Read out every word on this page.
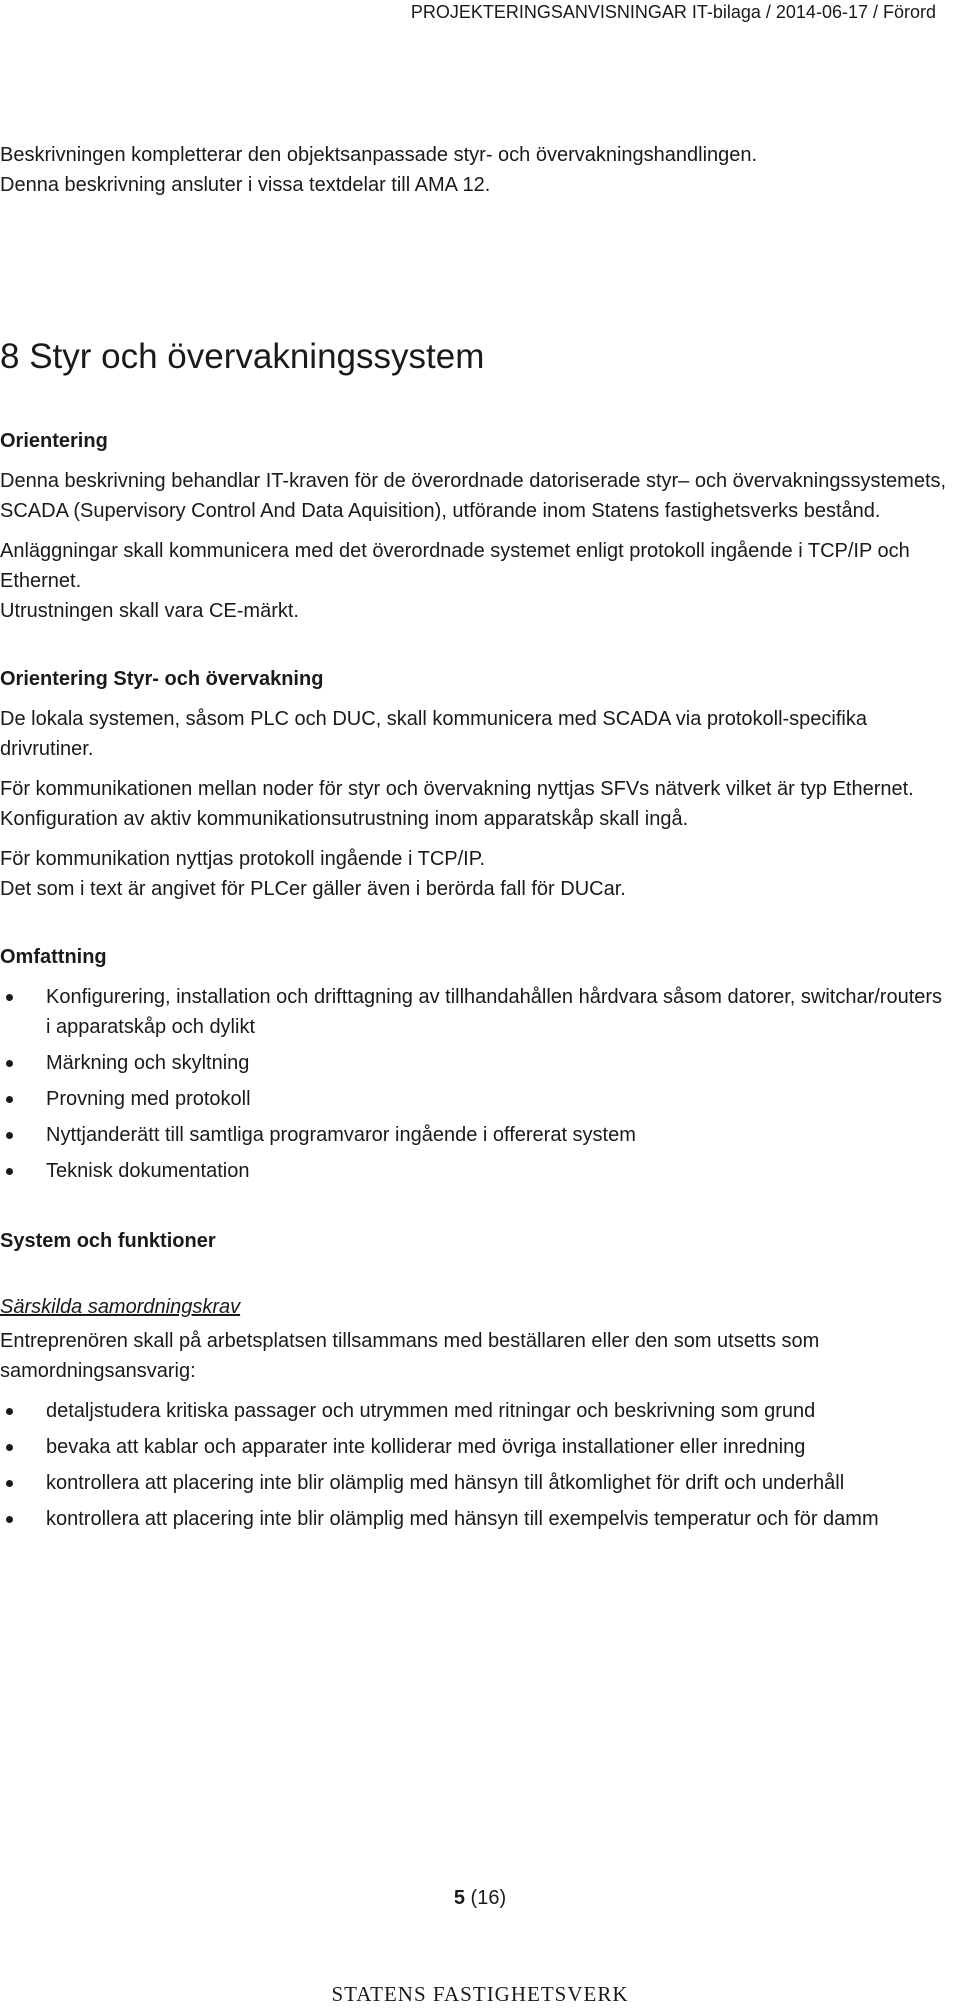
PROJEKTERINGSANVISNINGAR IT-bilaga / 2014-06-17 / Förord

Beskrivningen kompletterar den objektsanpassade styr- och övervakningshandlingen.

Denna beskrivning ansluter i vissa textdelar till AMA 12.

8 Styr och övervakningssystem
Orientering

Denna beskrivning behandlar IT-kraven för de överordnade datoriserade styr– och övervakningssystemets, SCADA (Supervisory Control And Data Aquisition), utförande inom Statens fastighetsverks bestånd.

Anläggningar skall kommunicera med det överordnade systemet enligt protokoll ingående i TCP/IP och Ethernet.

Utrustningen skall vara CE-märkt.

Orientering Styr- och övervakning

De lokala systemen, såsom PLC och DUC, skall kommunicera med SCADA via protokoll-specifika drivrutiner.

För kommunikationen mellan noder för styr och övervakning nyttjas SFVs nätverk vilket är typ Ethernet. Konfiguration av aktiv kommunikationsutrustning inom apparatskåp skall ingå.

För kommunikation nyttjas protokoll ingående i TCP/IP.

Det som i text är angivet för PLCer gäller även i berörda fall för DUCar.

Omfattning
Konfigurering, installation och drifttagning av tillhandahållen hårdvara såsom datorer, switchar/routers i apparatskåp och dylikt
Märkning och skyltning
Provning med protokoll
Nyttjanderätt till samtliga programvaror ingående i offererat system
Teknisk dokumentation
System och funktioner
Särskilda samordningskrav

Entreprenören skall på arbetsplatsen tillsammans med beställaren eller den som utsetts som samordningsansvarig:

detaljstudera kritiska passager och utrymmen med ritningar och beskrivning som grund
bevaka att kablar och apparater inte kolliderar med övriga installationer eller inredning
kontrollera att placering inte blir olämplig med hänsyn till åtkomlighet för drift och underhåll
kontrollera att placering inte blir olämplig med hänsyn till exempelvis temperatur och för damm
5 (16)
STATENS FASTIGHETSVERK
